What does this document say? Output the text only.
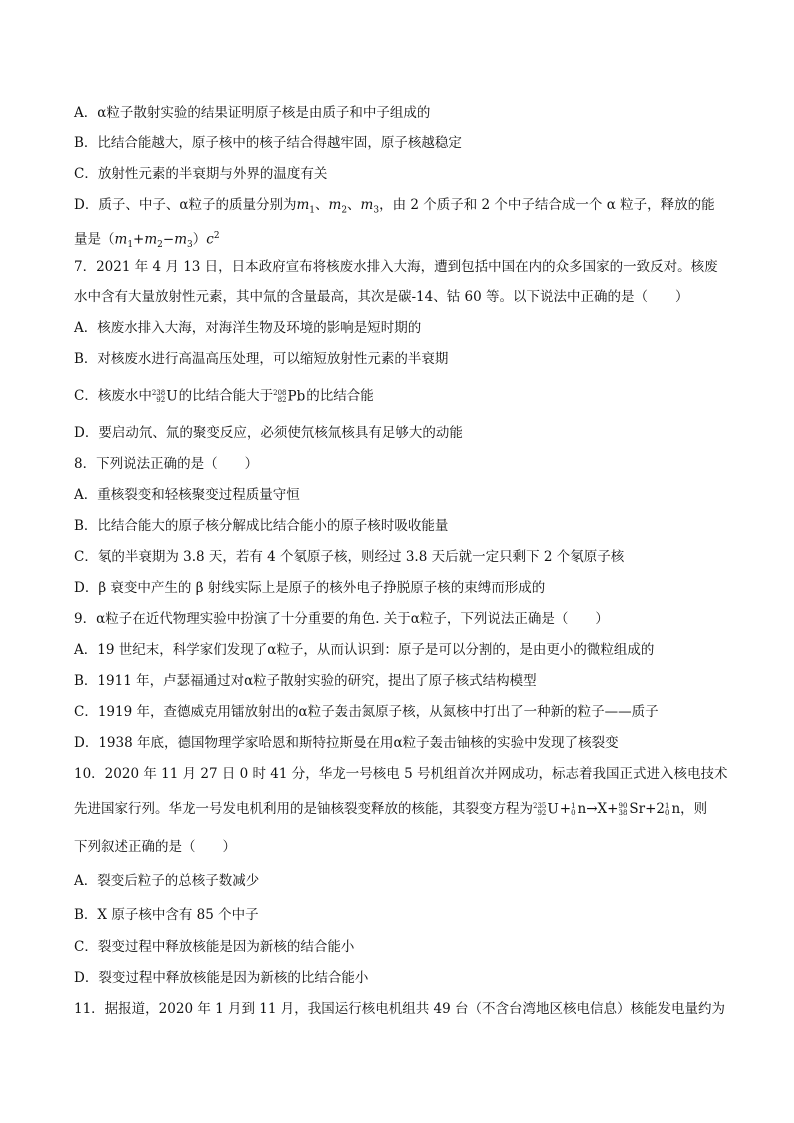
A．α粒子散射实验的结果证明原子核是由质子和中子组成的
B．比结合能越大，原子核中的核子结合得越牢固，原子核越稳定
C．放射性元素的半衰期与外界的温度有关
D．质子、中子、α粒子的质量分别为$m_1$、$m_2$、$m_3$，由 2 个质子和 2 个中子结合成一个 α 粒子，释放的能
量是$(m_1+m_2-m_3)c^2$
7．2021 年 4 月 13 日，日本政府宣布将核废水排入大海，遭到包括中国在内的众多国家的一致反对。核废
水中含有大量放射性元素，其中氚的含量最高，其次是碳-14、钴 60 等。以下说法中正确的是（　　）
A．核废水排入大海，对海洋生物及环境的影响是短时期的
B．对核废水进行高温高压处理，可以缩短放射性元素的半衰期
C．核废水中 238
92 U的比结合能大于 208
82 Pb的比结合能
D．要启动氘、氚的聚变反应，必须使氘核氚核具有足够大的动能
8．下列说法正确的是（　　）
A．重核裂变和轻核聚变过程质量守恒
B．比结合能大的原子核分解成比结合能小的原子核时吸收能量
C．氡的半衰期为 3.8 天，若有 4 个氡原子核，则经过 3.8 天后就一定只剩下 2 个氡原子核
D．β 衰变中产生的 β 射线实际上是原子的核外电子挣脱原子核的束缚而形成的
9．α粒子在近代物理实验中扮演了十分重要的角色. 关于α粒子，下列说法正确是（　　）
A．19 世纪末，科学家们发现了α粒子，从而认识到：原子是可以分割的，是由更小的微粒组成的
B．1911 年，卢瑟福通过对α粒子散射实验的研究，提出了原子核式结构模型
C．1919 年，查德威克用镭放射出的α粒子轰击氮原子核，从氮核中打出了一种新的粒子——质子
D．1938 年底，德国物理学家哈恩和斯特拉斯曼在用α粒子轰击铀核的实验中发现了核裂变
10．2020 年 11 月 27 日 0 时 41 分，华龙一号核电 5 号机组首次并网成功，标志着我国正式进入核电技术
先进国家行列。华龙一号发电机利用的是铀核裂变释放的核能，其裂变方程为 235
92 U+ 1
0 n→X+ 90
38 Sr+2 1
0 n，则
下列叙述正确的是（　　）
A．裂变后粒子的总核子数减少
B．X 原子核中含有 85 个中子
C．裂变过程中释放核能是因为新核的结合能小
D．裂变过程中释放核能是因为新核的比结合能小
11．据报道，2020 年 1 月到 11 月，我国运行核电机组共 49 台（不含台湾地区核电信息）核能发电量约为
